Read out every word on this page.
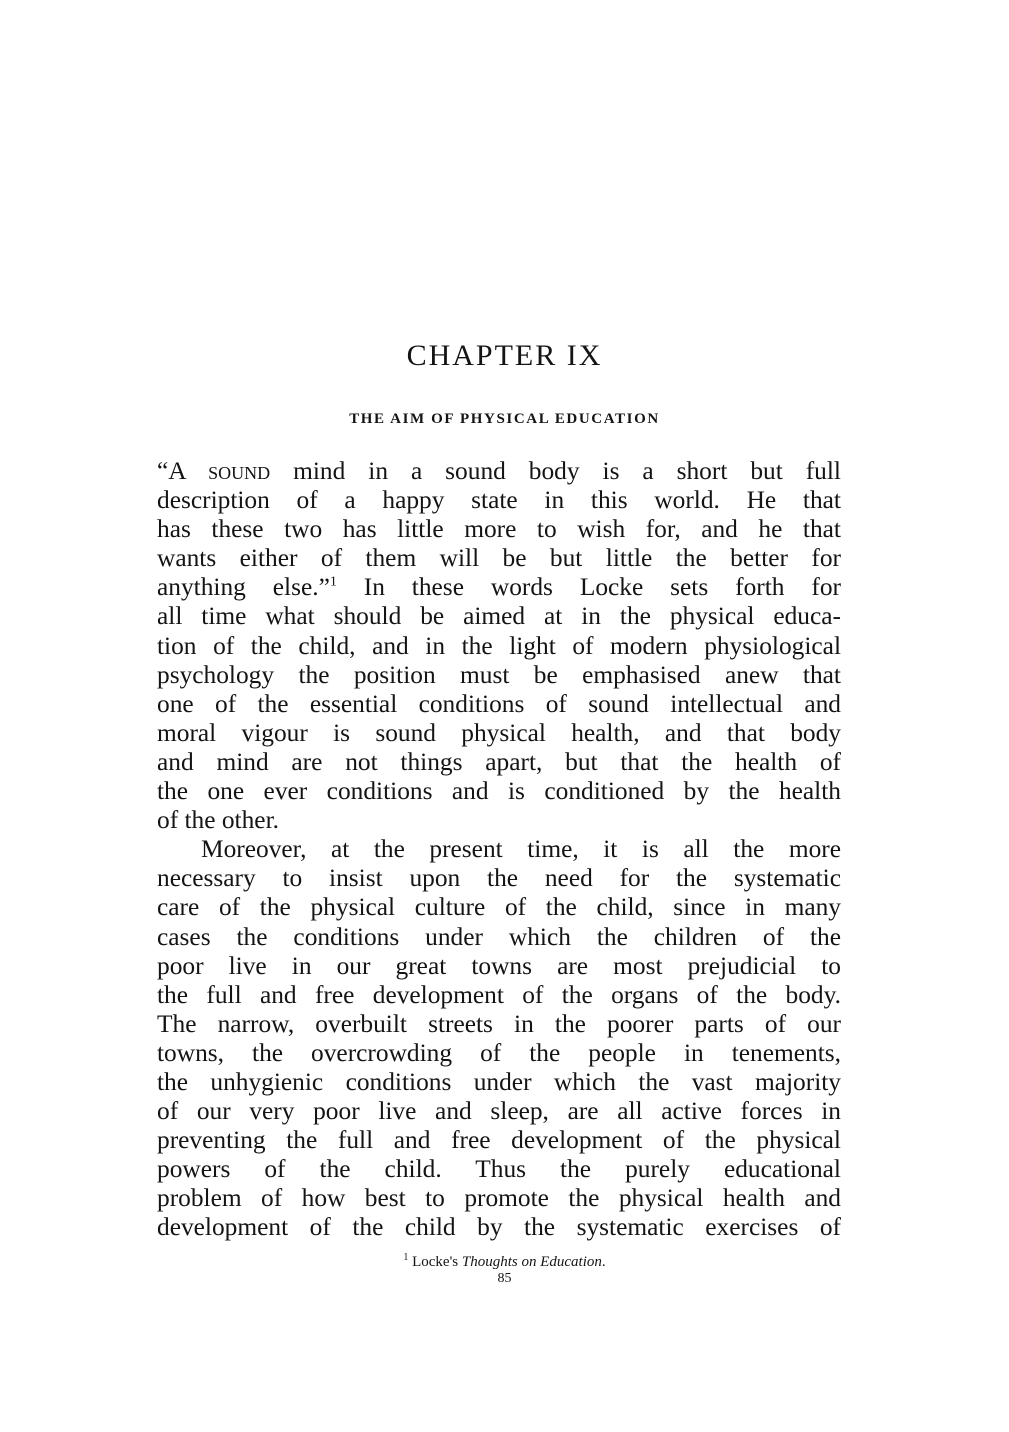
CHAPTER IX
THE AIM OF PHYSICAL EDUCATION
“A sound mind in a sound body is a short but full
description of a happy state in this world. He that
has these two has little more to wish for, and he that
wants either of them will be but little the better for
anything else.”$^1$ In these words Locke sets forth for
all time what should be aimed at in the physical educa-
tion of the child, and in the light of modern physiological
psychology the position must be emphasised anew that
one of the essential conditions of sound intellectual and
moral vigour is sound physical health, and that body
and mind are not things apart, but that the health of
the one ever conditions and is conditioned by the health
of the other.
Moreover, at the present time, it is all the more
necessary to insist upon the need for the systematic
care of the physical culture of the child, since in many
cases the conditions under which the children of the
poor live in our great towns are most prejudicial to
the full and free development of the organs of the body.
The narrow, overbuilt streets in the poorer parts of our
towns, the overcrowding of the people in tenements,
the unhygienic conditions under which the vast majority
of our very poor live and sleep, are all active forces in
preventing the full and free development of the physical
powers of the child. Thus the purely educational
problem of how best to promote the physical health and
development of the child by the systematic exercises of
$^1$ Locke's Thoughts on Education.
85
